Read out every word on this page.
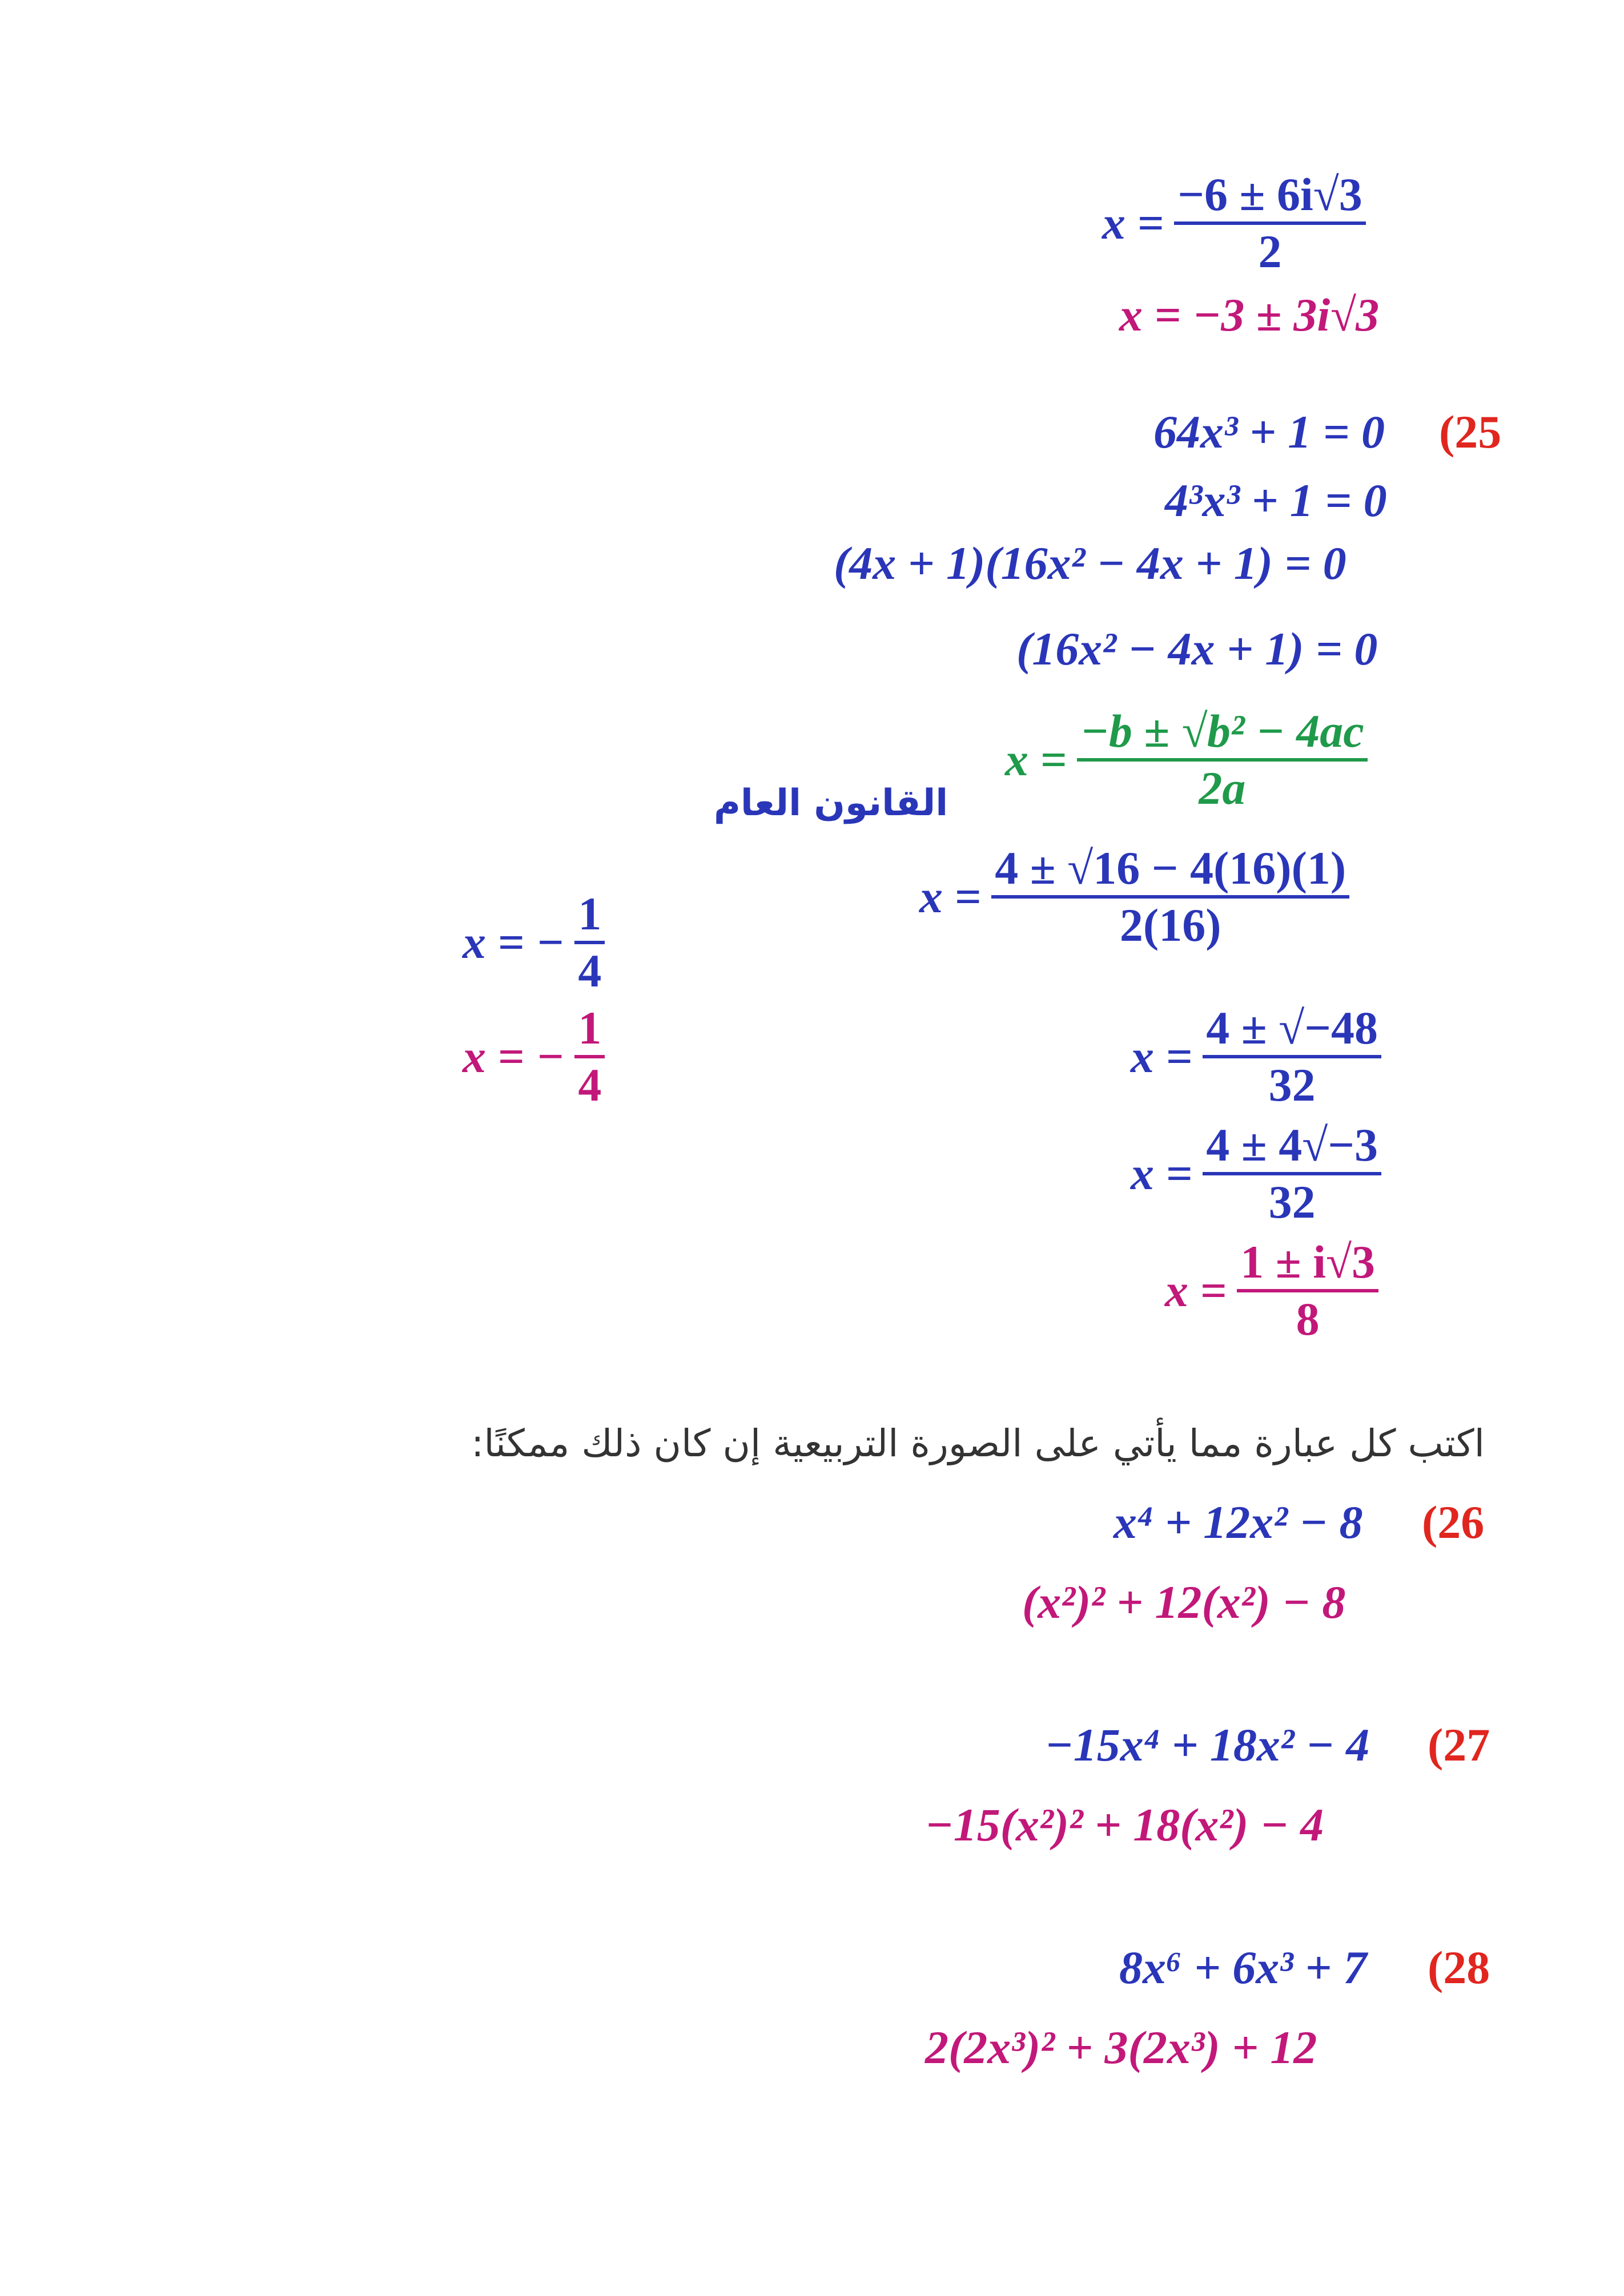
$x = \frac{-6 \pm 6i√3}{2}$
x = −3 ± 3i√3
(25
64x³ + 1 = 0
4³x³ + 1 = 0
(4x + 1)(16x² − 4x + 1) = 0
(16x² − 4x + 1) = 0
$x = \frac{\text{−b ± √b² − 4ac}}{2a}$
القانون العام
$x = \frac{4 \pm √16 - 4(16)(1)}{2(16)}$
$x = \frac{4 \pm √-48}{32}$
$x = \frac{4 \pm 4√-3}{32}$
$x = \frac{1 \pm i√3}{8}$
x = − $\frac{1}{4}$
x = − $\frac{1}{4}$
اكتب كل عبارة مما يأتي على الصورة التربيعية إن كان ذلك ممكنًا:
(26
x⁴ + 12x² − 8
(x²)² + 12(x²) − 8
(27
−15x⁴ + 18x² − 4
−15(x²)² + 18(x²) − 4
(28
8x⁶ + 6x³ + 7
2(2x³)² + 3(2x³) + 12
